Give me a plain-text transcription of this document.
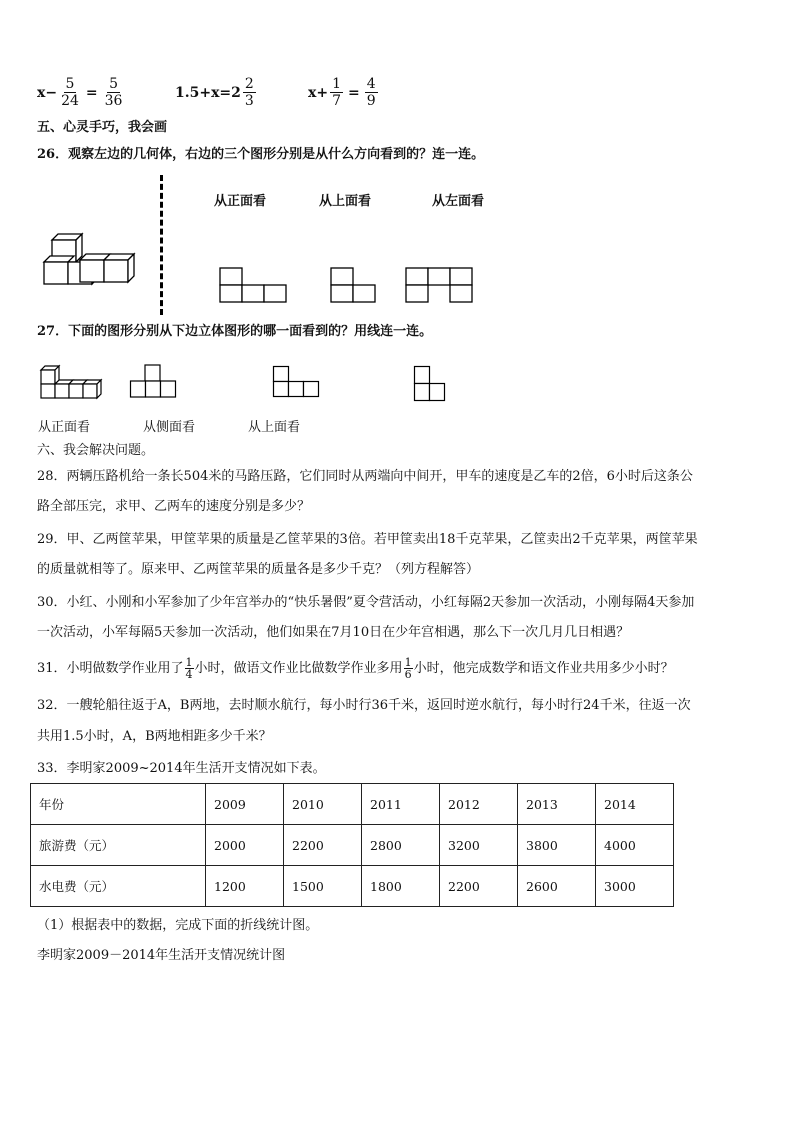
$x- \frac{5}{24} = \frac{5}{36}$	$1.5+x=2 \frac{2}{3}$	$x+ \frac{1}{7} = \frac{4}{9}$
五、心灵手巧，我会画
26．观察左边的几何体，右边的三个图形分别是从什么方向看到的？连一连。
从正面看	从上面看	从左面看
27．下面的图形分别从下边立体图形的哪一面看到的？用线连一连。
从正面看	从侧面看	从上面看
六、我会解决问题。
28．两辆压路机给一条长504米的马路压路，它们同时从两端向中间开，甲车的速度是乙车的2倍，6小时后这条公
路全部压完，求甲、乙两车的速度分别是多少？
29．甲、乙两筐苹果，甲筐苹果的质量是乙筐苹果的3倍。若甲筐卖出18千克苹果，乙筐卖出2千克苹果，两筐苹果
的质量就相等了。原来甲、乙两筐苹果的质量各是多少千克？（列方程解答）
30．小红、小刚和小军参加了少年宫举办的“快乐暑假”夏令营活动，小红每隔2天参加一次活动，小刚每隔4天参加
一次活动，小军每隔5天参加一次活动，他们如果在7月10日在少年宫相遇，那么下一次几月几日相遇？
31．小明做数学作业用了 $\frac{1}{4}$ 小时，做语文作业比做数学作业多用 $\frac{1}{6}$ 小时，他完成数学和语文作业共用多少小时？
32．一艘轮船往返于A，B两地，去时顺水航行，每小时行36千米，返回时逆水航行，每小时行24千米，往返一次
共用1.5小时，A，B两地相距多少千米？
33．李明家2009~2014年生活开支情况如下表。
年份	2009	2010	2011	2012	2013	2014
旅游费（元）	2000	2200	2800	3200	3800	4000
水电费（元）	1200	1500	1800	2200	2600	3000
（1）根据表中的数据，完成下面的折线统计图。
李明家2009－2014年生活开支情况统计图
